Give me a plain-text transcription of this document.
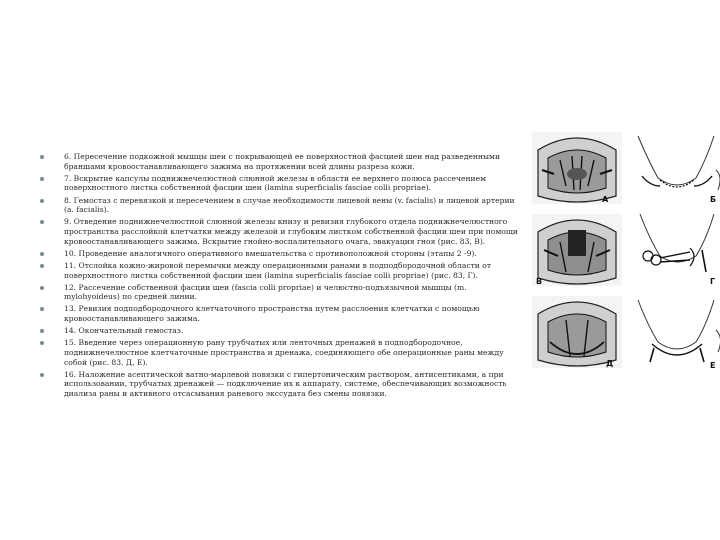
6. Пересечение подкожной мышцы шеи с покрывающей ее поверхностной фасцией шеи над разведенными браншами кровоостанавливающего зажима на протяжении всей длины разреза кожи.
7. Вскрытие капсулы поднижнечелюстной слюнной железы в области ее верхнего полюса рассечением поверхностного листка собственной фасции шеи (lamina superficialis fasciae colli propriae).
8. Гемостаз с перевязкой и пересечением в случае необходимости лицевой вены (v. facialis) и лицевой артерии (a. facialis).
9. Отведение поднижнечелюстной слюнной железы книзу и ревизия глубокого отдела поднижнечелюстного пространства расслойкой клетчатки между железой и глубоким листком собственной фасции шеи при помощи кровоостанавливающего зажима. Вскрытие гнойно-воспалительного очага, эвакуация гноя (рис. 83, В).
10. Проведение аналогичного оперативного вмешательства с противоположной стороны (этапы 2 -9).
11. Отслойка кожно-жировой перемычки между операционными ранами в подподбородочной области от поверхностного листка собственной фасции шеи (lamina superficialis fasciae colli propriae) (рис. 83, Г).
12. Рассечение собственной фасции шеи (fascia colli propriae) и челюстно-подъязычной мышцы (m. mylohyoideus) по средней линии.
13. Ревизия подподбородочного клетчаточного пространства путем расслоения клетчатки с помощью кровоостанавливающего зажима.
14. Окончательный гемостаз.
15. Введение через операционную рану трубчатых или ленточных дренажей в подподбородочное, поднижнечелюстное клетчаточные пространства и дренажа, соединяющего обе операционные раны между собой (рис. 83, Д, Е).
16. Наложение асептической ватно-марлевой повязки с гипертоническим раствором, антисептиками, а при использовании, трубчатых дренажей — подключение их к аппарату, системе, обеспечивающих возможность диализа раны и активного отсасывания раневого экссудата без смены повязки.
А	Б
В	Г
Д	Е
